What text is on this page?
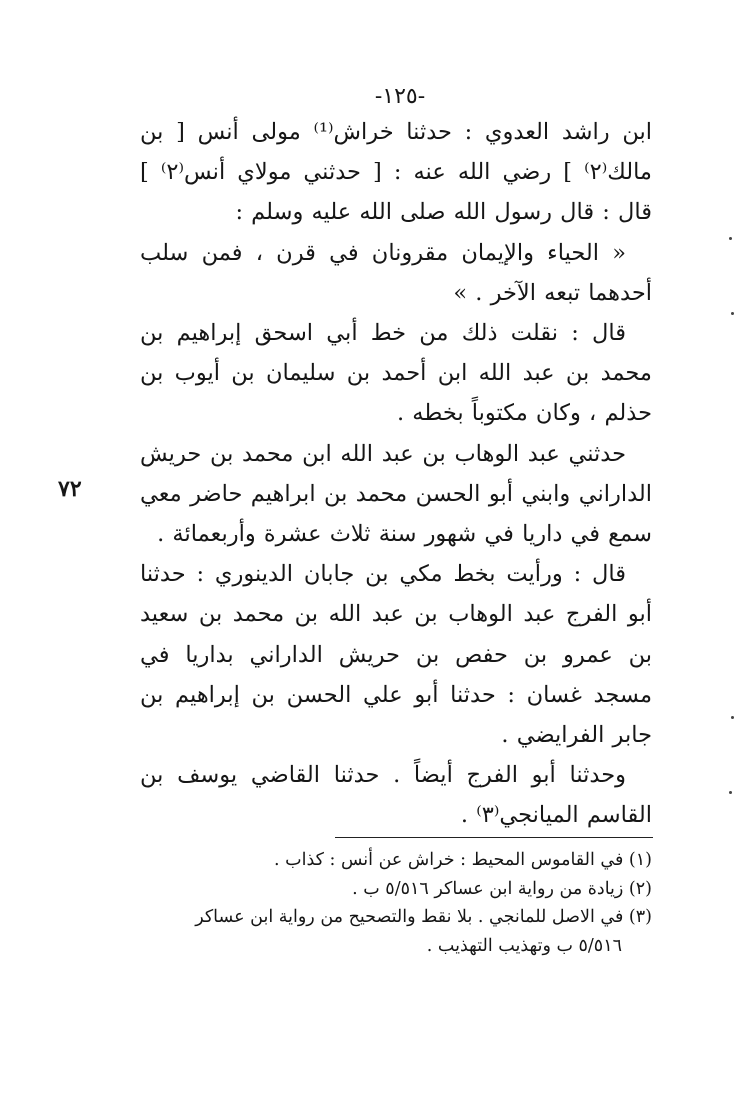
-١٢٥-

ابن راشد العدوي : حدثنا خراش⁽¹⁾ مولى أنس [ بن مالك⁽٢⁾ ] رضي الله عنه : [ حدثني مولاي أنس⁽٢⁾ ] قال : قال رسول الله صلى الله عليه وسلم :

« الحياء والإيمان مقرونان في قرن ، فمن سلب أحدهما تبعه الآخر . »

قال : نقلت ذلك من خط أبي اسحق إبراهيم بن محمد بن عبد الله ابن أحمد بن سليمان بن أيوب بن حذلم ، وكان مكتوباً بخطه .

حدثني عبد الوهاب بن عبد الله ابن محمد بن حريش الداراني وابني أبو الحسن محمد بن ابراهيم حاضر معي سمع في داريا في شهور سنة ثلاث عشرة وأربعمائة .

قال : ورأيت بخط مكي بن جابان الدينوري : حدثنا أبو الفرج عبد الوهاب بن عبد الله بن محمد بن سعيد بن عمرو بن حفص بن حريش الداراني بداريا في مسجد غسان : حدثنا أبو علي الحسن بن إبراهيم بن جابر الفرايضي .

وحدثنا أبو الفرج أيضاً . حدثنا القاضي يوسف بن القاسم الميانجي⁽٣⁾ .

٧٢

(١) في القاموس المحيط : خراش عن أنس : كذاب .

(٢) زيادة من رواية ابن عساكر ٥/٥١٦ ب .

(٣) في الاصل للمانجي . بلا نقط والتصحيح من رواية ابن عساكر

٥/٥١٦ ب وتهذيب التهذيب .
